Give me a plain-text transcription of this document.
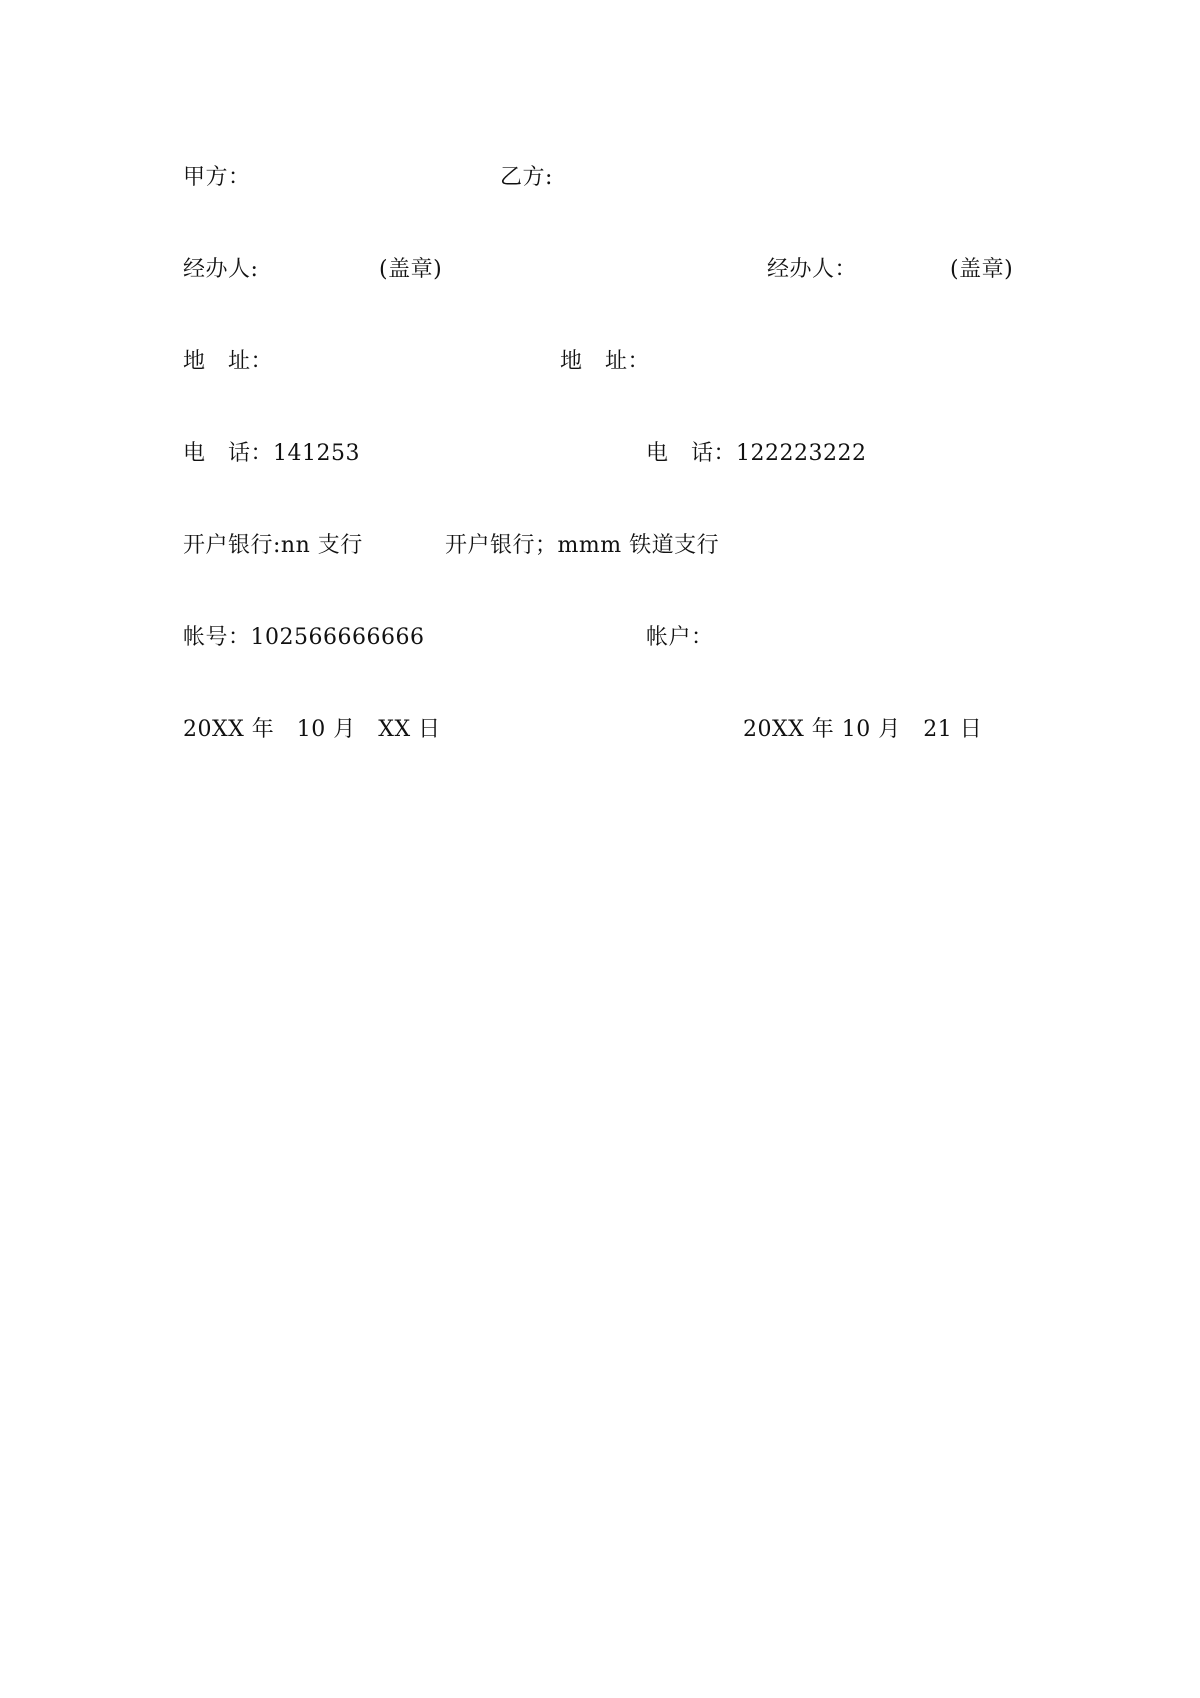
甲方：	乙方:
经办人:	(盖章)	经办人：	(盖章)
地　址：	地　址：
电　话：141253	电　话：122223222
开户银行:nn 支行	开户银行；mmm 铁道支行
帐号：102566666666	帐户：
20XX 年　10 月　XX 日	20XX 年 10 月　21 日
